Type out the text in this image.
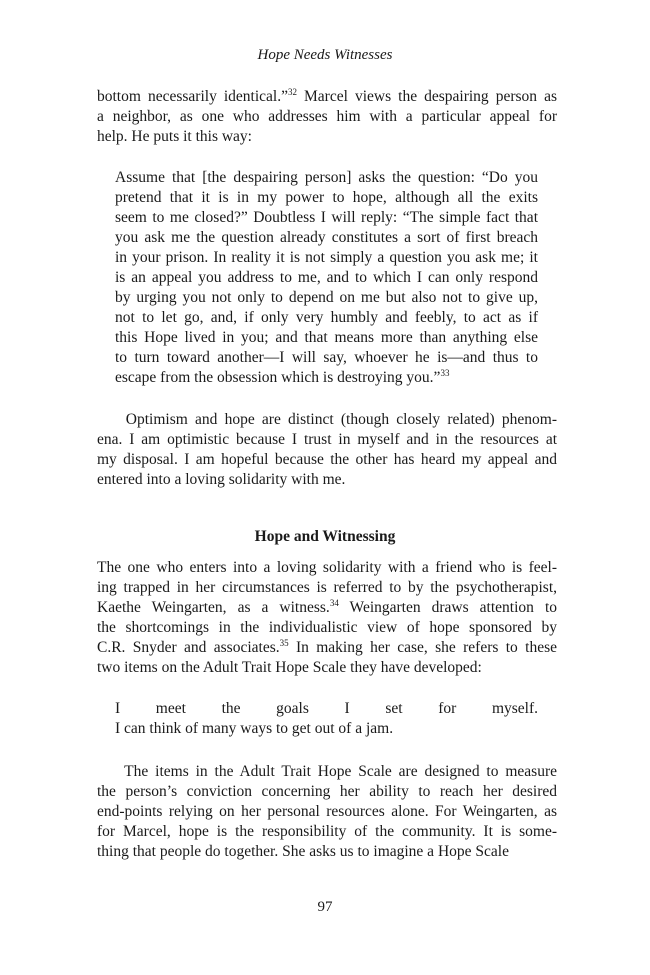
Hope Needs Witnesses
bottom necessarily identical.”$^{32}$ Marcel views the despairing person as
a neighbor, as one who addresses him with a particular appeal for
help. He puts it this way:
Assume that [the despairing person] asks the question: “Do you
pretend that it is in my power to hope, although all the exits
seem to me closed?” Doubtless I will reply: “The simple fact that
you ask me the question already constitutes a sort of first breach
in your prison. In reality it is not simply a question you ask me; it
is an appeal you address to me, and to which I can only respond
by urging you not only to depend on me but also not to give up,
not to let go, and, if only very humbly and feebly, to act as if
this Hope lived in you; and that means more than anything else
to turn toward another—I will say, whoever he is—and thus to
escape from the obsession which is destroying you.”$^{33}$
Optimism and hope are distinct (though closely related) phenom-
ena. I am optimistic because I trust in myself and in the resources at
my disposal. I am hopeful because the other has heard my appeal and
entered into a loving solidarity with me.
Hope and Witnessing
The one who enters into a loving solidarity with a friend who is feel-
ing trapped in her circumstances is referred to by the psychotherapist,
Kaethe Weingarten, as a witness.$^{34}$ Weingarten draws attention to
the shortcomings in the individualistic view of hope sponsored by
C.R. Snyder and associates.$^{35}$ In making her case, she refers to these
two items on the Adult Trait Hope Scale they have developed:
I meet the goals I set for myself.
I can think of many ways to get out of a jam.
The items in the Adult Trait Hope Scale are designed to measure
the person’s conviction concerning her ability to reach her desired
end-points relying on her personal resources alone. For Weingarten, as
for Marcel, hope is the responsibility of the community. It is some-
thing that people do together. She asks us to imagine a Hope Scale
97
